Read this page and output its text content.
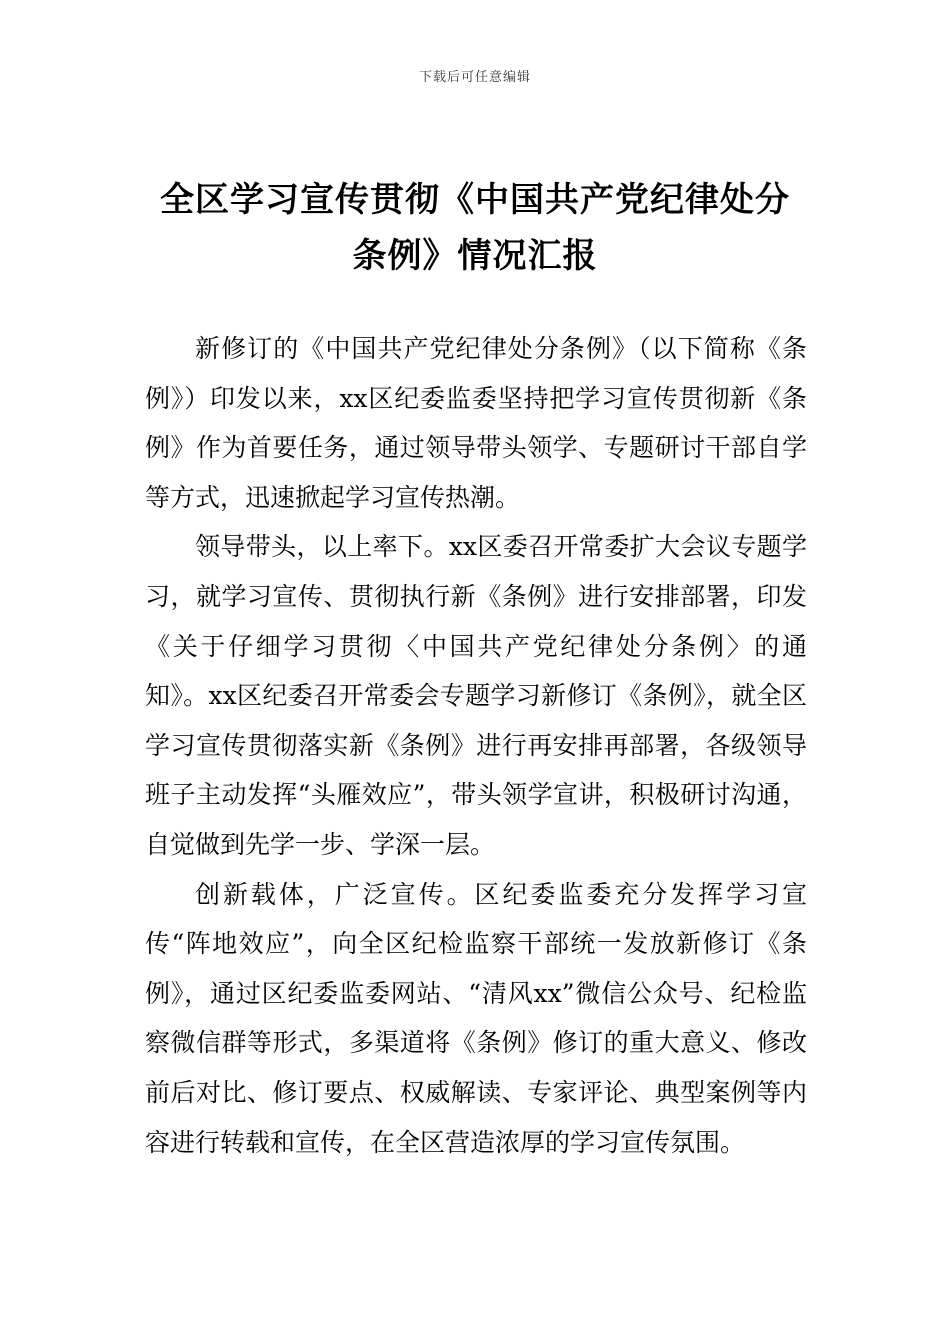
下载后可任意编辑
全区学习宣传贯彻《中国共产党纪律处分
条例》情况汇报

新修订的《中国共产党纪律处分条例》（以下简称《条例》）印发以来，xx区纪委监委坚持把学习宣传贯彻新《条例》作为首要任务，通过领导带头领学、专题研讨干部自学等方式，迅速掀起学习宣传热潮。

领导带头，以上率下。xx区委召开常委扩大会议专题学习，就学习宣传、贯彻执行新《条例》进行安排部署，印发《关于仔细学习贯彻〈中国共产党纪律处分条例〉的通知》。xx区纪委召开常委会专题学习新修订《条例》，就全区学习宣传贯彻落实新《条例》进行再安排再部署，各级领导班子主动发挥“头雁效应”，带头领学宣讲，积极研讨沟通，自觉做到先学一步、学深一层。

创新载体，广泛宣传。区纪委监委充分发挥学习宣传“阵地效应”，向全区纪检监察干部统一发放新修订《条例》，通过区纪委监委网站、“清风xx”微信公众号、纪检监察微信群等形式，多渠道将《条例》修订的重大意义、修改前后对比、修订要点、权威解读、专家评论、典型案例等内容进行转载和宣传，在全区营造浓厚的学习宣传氛围。
